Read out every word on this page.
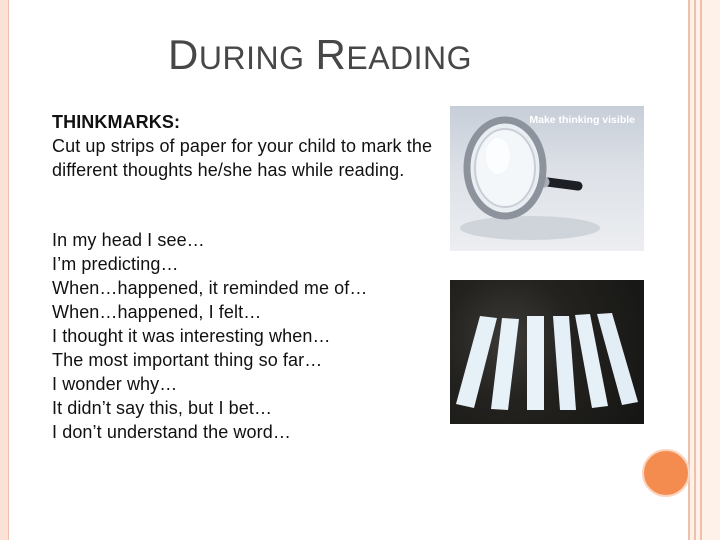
DURING READING
THINKMARKS:
Cut up strips of paper for your child to mark the different thoughts he/she has while reading.
In my head I see…
I’m predicting…
When…happened, it reminded me of…
When…happened, I felt…
I thought it was interesting when…
The most important thing so far…
I wonder why…
It didn’t say this, but I bet…
I don’t understand the word…
Make thinking visible
